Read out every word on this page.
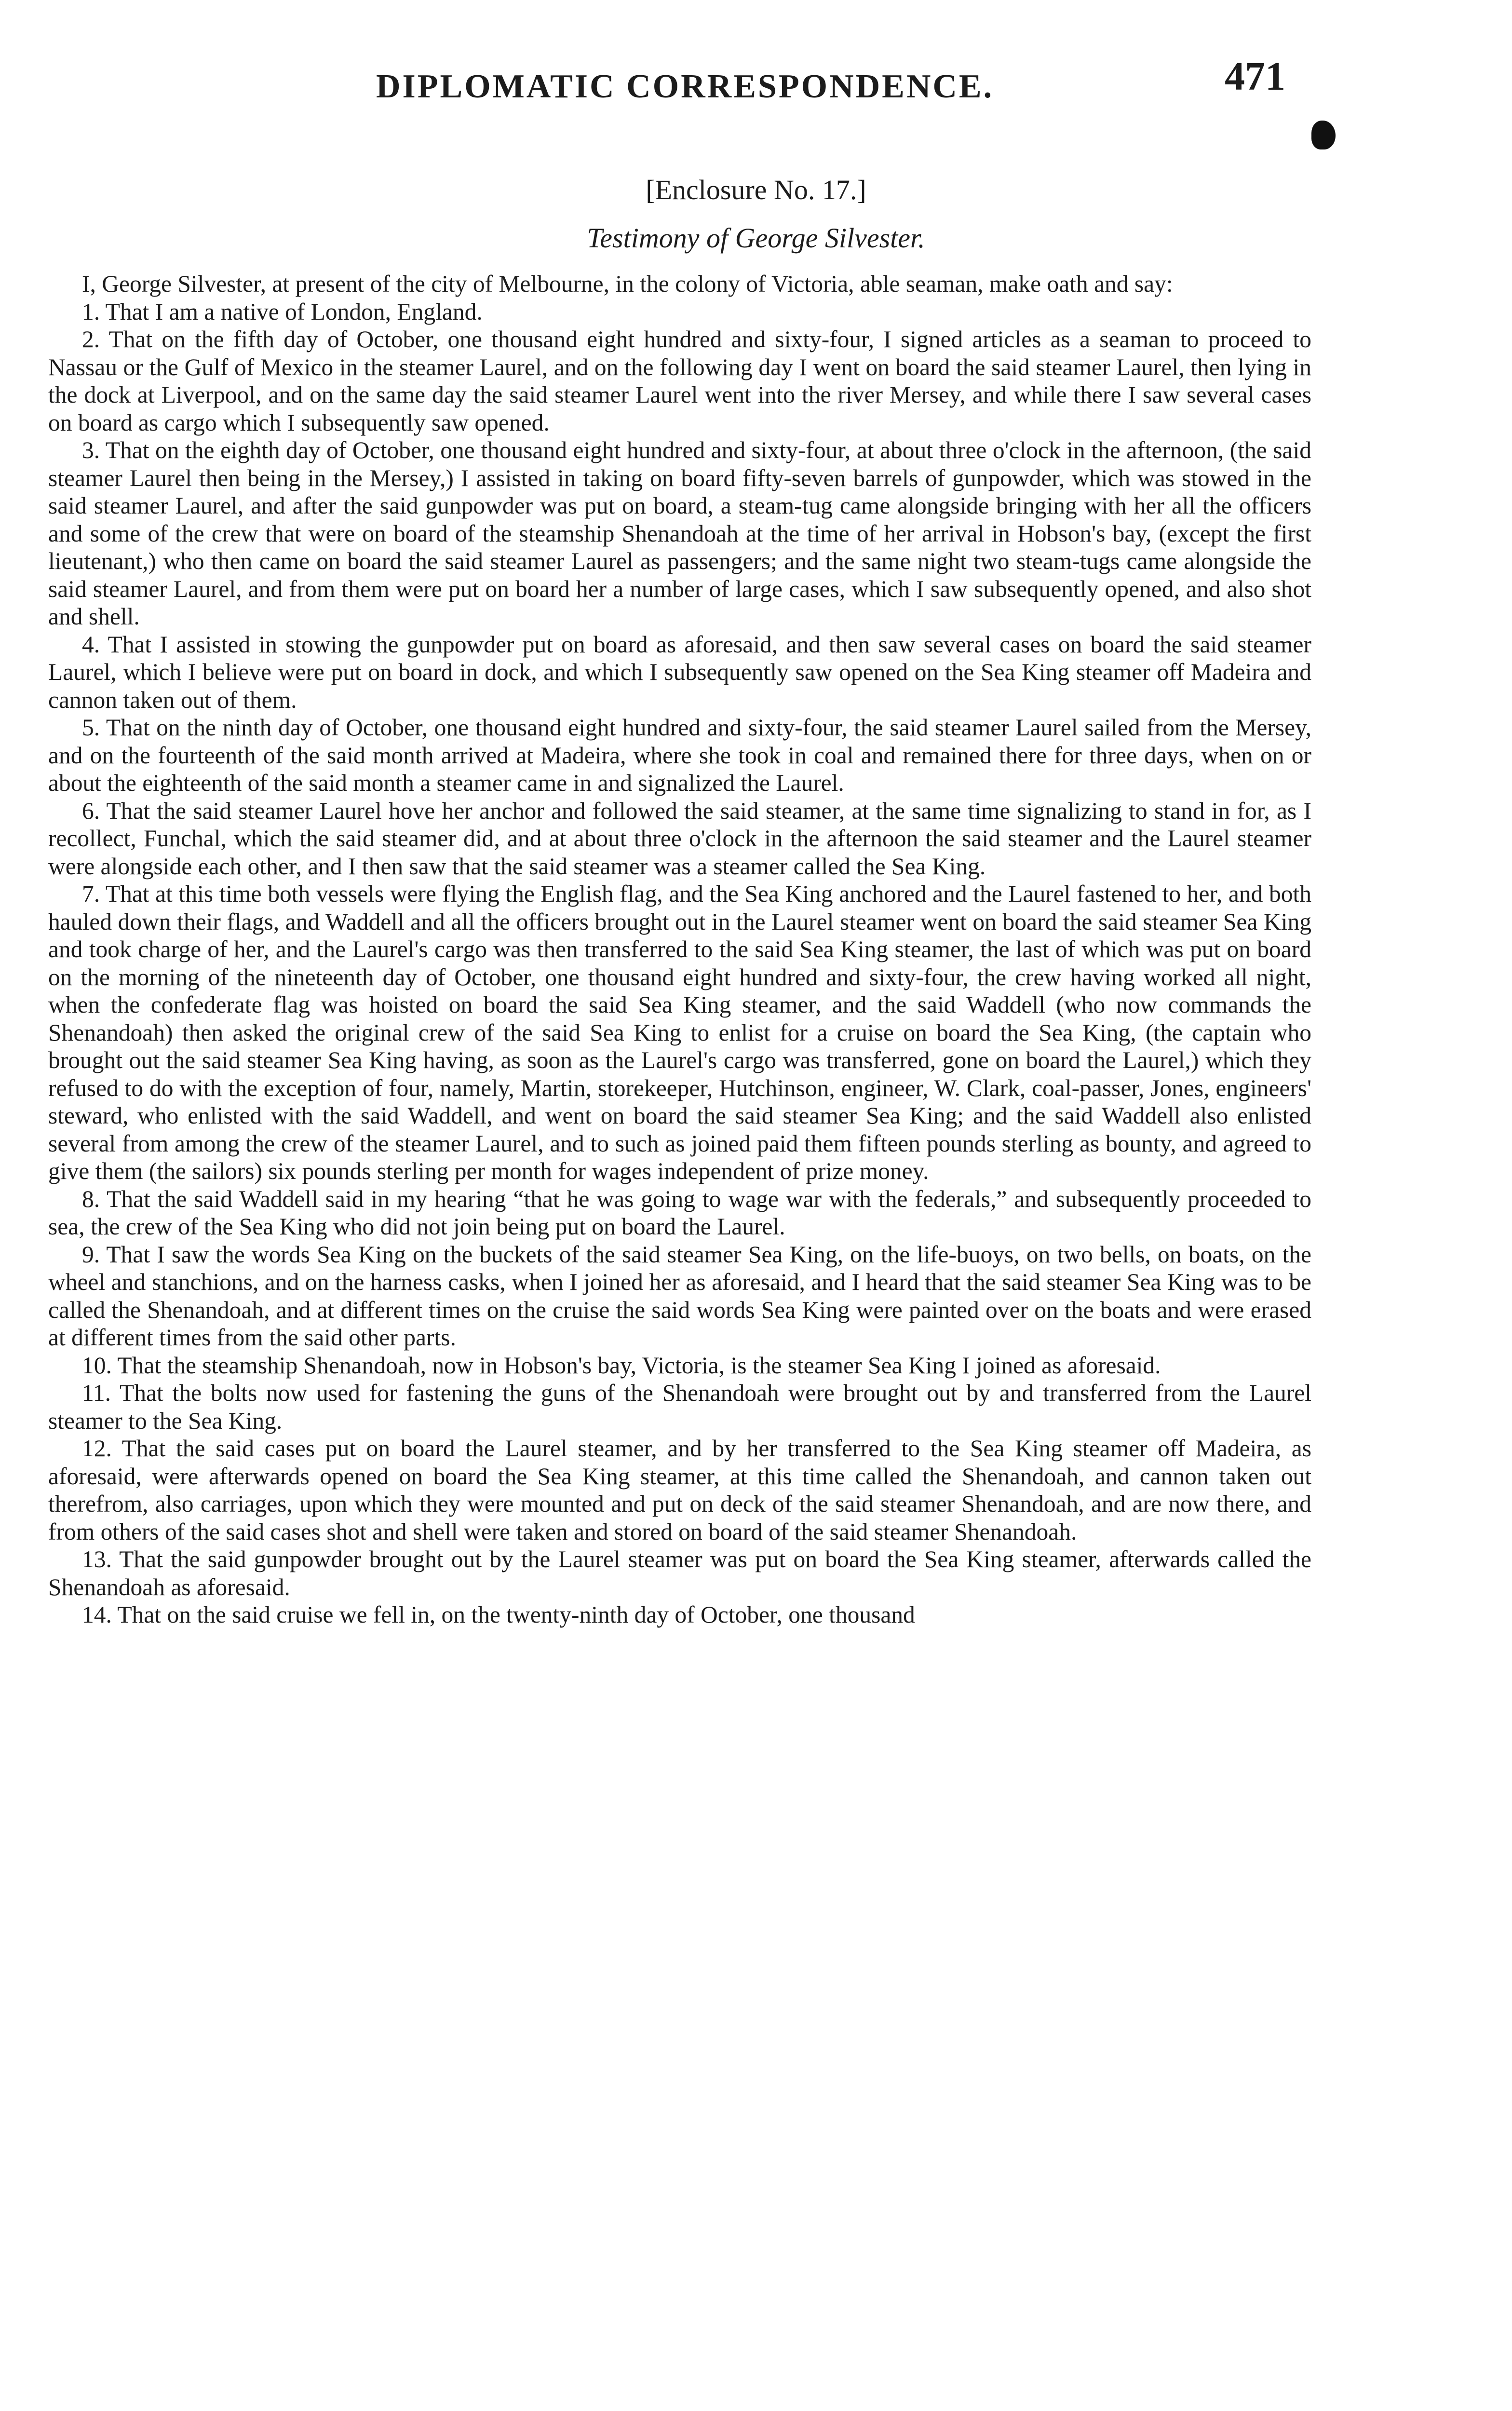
DIPLOMATIC CORRESPONDENCE.	471
[Enclosure No. 17.]
Testimony of George Silvester.

I, George Silvester, at present of the city of Melbourne, in the colony of Victoria, able seaman, make oath and say:

1. That I am a native of London, England.

2. That on the fifth day of October, one thousand eight hundred and sixty-four, I signed articles as a seaman to proceed to Nassau or the Gulf of Mexico in the steamer Laurel, and on the following day I went on board the said steamer Laurel, then lying in the dock at Liverpool, and on the same day the said steamer Laurel went into the river Mersey, and while there I saw several cases on board as cargo which I subsequently saw opened.

3. That on the eighth day of October, one thousand eight hundred and sixty-four, at about three o'clock in the afternoon, (the said steamer Laurel then being in the Mersey,) I assisted in taking on board fifty-seven barrels of gunpowder, which was stowed in the said steamer Laurel, and after the said gunpowder was put on board, a steam-tug came alongside bringing with her all the officers and some of the crew that were on board of the steamship Shenandoah at the time of her arrival in Hobson's bay, (except the first lieutenant,) who then came on board the said steamer Laurel as passengers; and the same night two steam-tugs came alongside the said steamer Laurel, and from them were put on board her a number of large cases, which I saw subsequently opened, and also shot and shell.

4. That I assisted in stowing the gunpowder put on board as aforesaid, and then saw several cases on board the said steamer Laurel, which I believe were put on board in dock, and which I subsequently saw opened on the Sea King steamer off Madeira and cannon taken out of them.

5. That on the ninth day of October, one thousand eight hundred and sixty-four, the said steamer Laurel sailed from the Mersey, and on the fourteenth of the said month arrived at Madeira, where she took in coal and remained there for three days, when on or about the eighteenth of the said month a steamer came in and signalized the Laurel.

6. That the said steamer Laurel hove her anchor and followed the said steamer, at the same time signalizing to stand in for, as I recollect, Funchal, which the said steamer did, and at about three o'clock in the afternoon the said steamer and the Laurel steamer were alongside each other, and I then saw that the said steamer was a steamer called the Sea King.

7. That at this time both vessels were flying the English flag, and the Sea King anchored and the Laurel fastened to her, and both hauled down their flags, and Waddell and all the officers brought out in the Laurel steamer went on board the said steamer Sea King and took charge of her, and the Laurel's cargo was then transferred to the said Sea King steamer, the last of which was put on board on the morning of the nineteenth day of October, one thousand eight hundred and sixty-four, the crew having worked all night, when the confederate flag was hoisted on board the said Sea King steamer, and the said Waddell (who now commands the Shenandoah) then asked the original crew of the said Sea King to enlist for a cruise on board the Sea King, (the captain who brought out the said steamer Sea King having, as soon as the Laurel's cargo was transferred, gone on board the Laurel,) which they refused to do with the exception of four, namely, Martin, storekeeper, Hutchinson, engineer, W. Clark, coal-passer, Jones, engineers' steward, who enlisted with the said Waddell, and went on board the said steamer Sea King; and the said Waddell also enlisted several from among the crew of the steamer Laurel, and to such as joined paid them fifteen pounds sterling as bounty, and agreed to give them (the sailors) six pounds sterling per month for wages independent of prize money.

8. That the said Waddell said in my hearing “that he was going to wage war with the federals,” and subsequently proceeded to sea, the crew of the Sea King who did not join being put on board the Laurel.

9. That I saw the words Sea King on the buckets of the said steamer Sea King, on the life-buoys, on two bells, on boats, on the wheel and stanchions, and on the harness casks, when I joined her as aforesaid, and I heard that the said steamer Sea King was to be called the Shenandoah, and at different times on the cruise the said words Sea King were painted over on the boats and were erased at different times from the said other parts.

10. That the steamship Shenandoah, now in Hobson's bay, Victoria, is the steamer Sea King I joined as aforesaid.

11. That the bolts now used for fastening the guns of the Shenandoah were brought out by and transferred from the Laurel steamer to the Sea King.

12. That the said cases put on board the Laurel steamer, and by her transferred to the Sea King steamer off Madeira, as aforesaid, were afterwards opened on board the Sea King steamer, at this time called the Shenandoah, and cannon taken out therefrom, also carriages, upon which they were mounted and put on deck of the said steamer Shenandoah, and are now there, and from others of the said cases shot and shell were taken and stored on board of the said steamer Shenandoah.

13. That the said gunpowder brought out by the Laurel steamer was put on board the Sea King steamer, afterwards called the Shenandoah as aforesaid.

14. That on the said cruise we fell in, on the twenty-ninth day of October, one thousand
